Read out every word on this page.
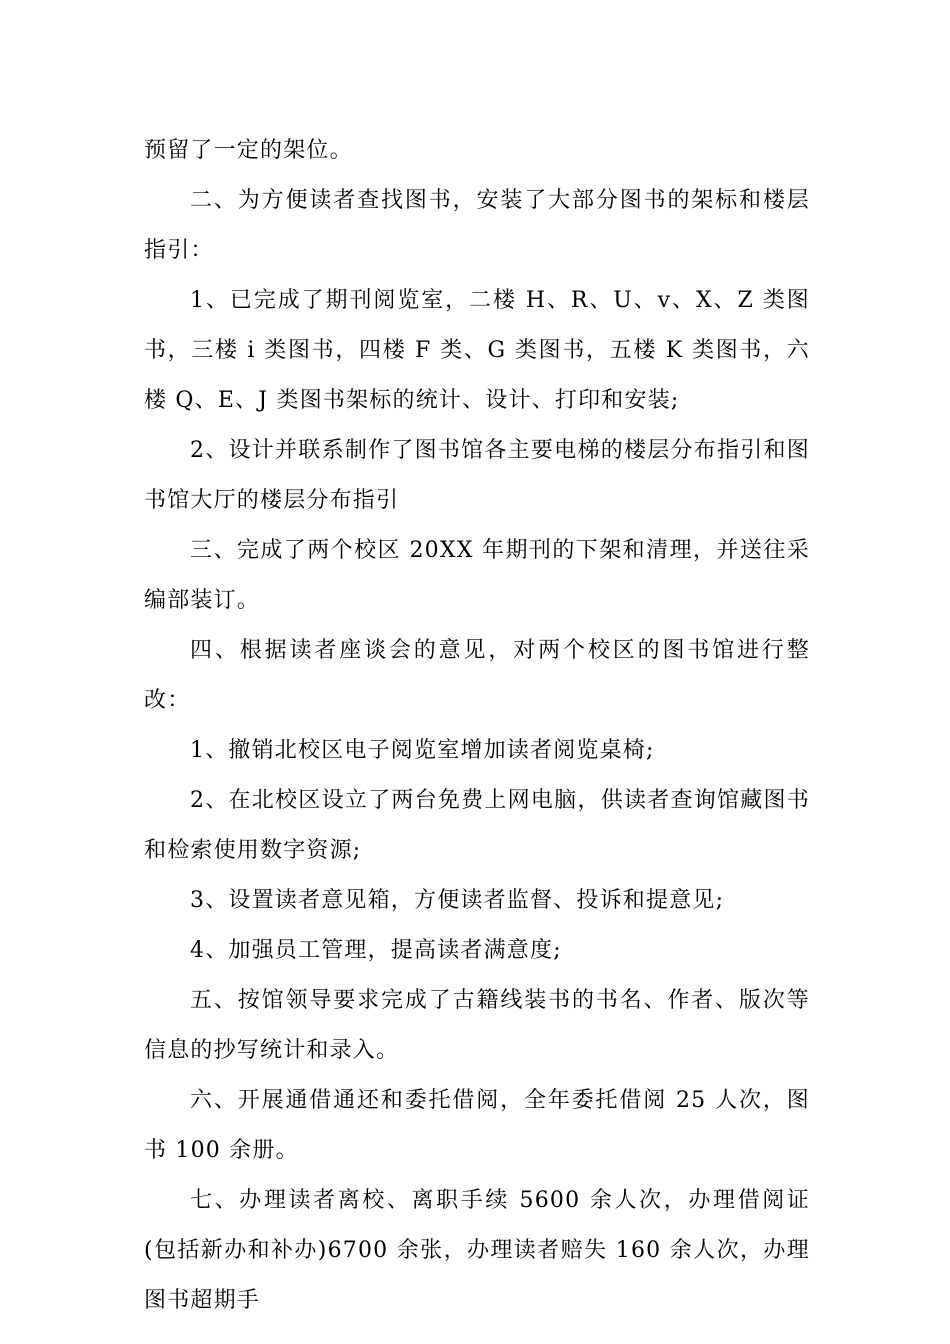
预留了一定的架位。

二、为方便读者查找图书，安装了大部分图书的架标和楼层指引：

1、已完成了期刊阅览室，二楼 H、R、U、v、X、Z 类图书，三楼 i 类图书，四楼 F 类、G 类图书，五楼 K 类图书，六楼 Q、E、J 类图书架标的统计、设计、打印和安装;

2、设计并联系制作了图书馆各主要电梯的楼层分布指引和图书馆大厅的楼层分布指引

三、完成了两个校区 20XX 年期刊的下架和清理，并送往采编部装订。

四、根据读者座谈会的意见，对两个校区的图书馆进行整改：

1、撤销北校区电子阅览室增加读者阅览桌椅;

2、在北校区设立了两台免费上网电脑，供读者查询馆藏图书和检索使用数字资源;

3、设置读者意见箱，方便读者监督、投诉和提意见;

4、加强员工管理，提高读者满意度;

五、按馆领导要求完成了古籍线装书的书名、作者、版次等信息的抄写统计和录入。

六、开展通借通还和委托借阅，全年委托借阅 25 人次，图书 100 余册。

七、办理读者离校、离职手续 5600 余人次，办理借阅证(包括新办和补办)6700 余张，办理读者赔失 160 余人次，办理图书超期手
